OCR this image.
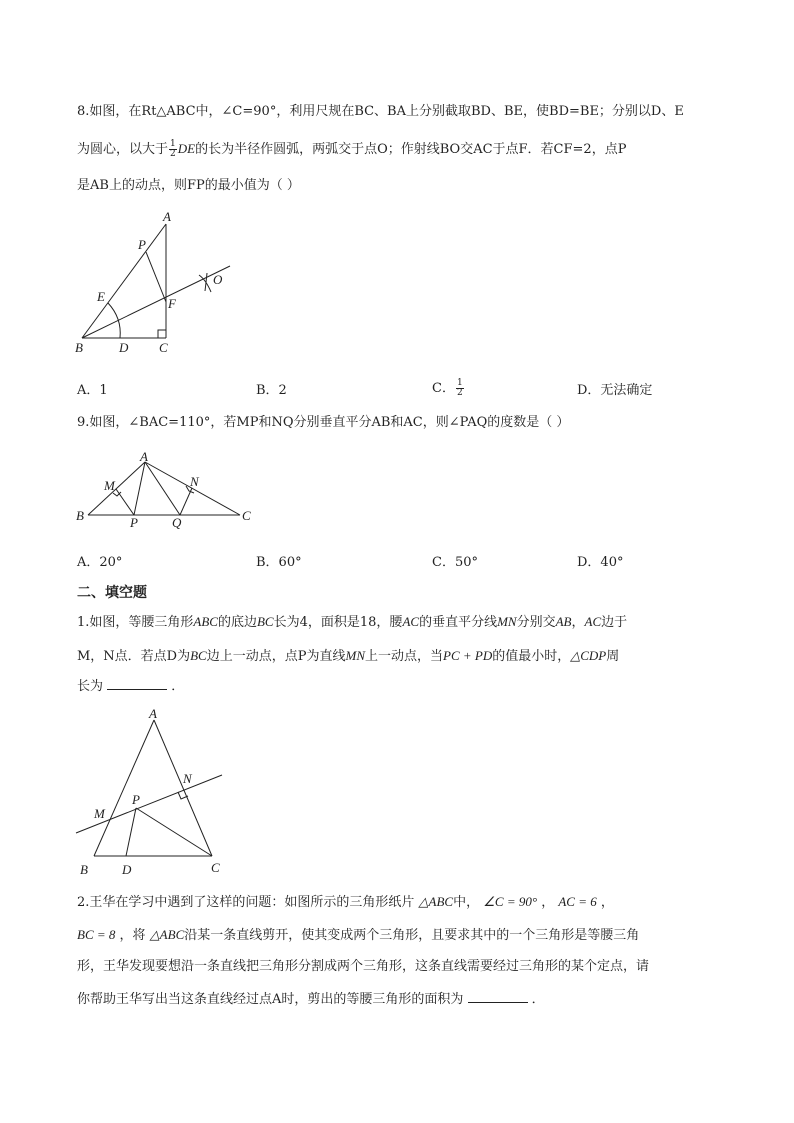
8.如图，在Rt△ABC中，∠C=90°，利用尺规在BC、BA上分别截取BD、BE，使BD=BE；分别以D、E
为圆心，以大于 $\frac{1}{2}$ DE的长为半径作圆弧，两弧交于点O；作射线BO交AC于点F．若CF=2，点P
是AB上的动点，则FP的最小值为（ ）
A
P
E	F
O
B	D C
A．1	B．2	C． $\frac{1}{2}$	D．无法确定
9.如图，∠BAC=110°，若MP和NQ分别垂直平分AB和AC，则∠PAQ的度数是（ ）
A
M	N
B	P	Q	C
A．20°	B．60°	C．50°	D．40°
二、填空题
1.如图，等腰三角形ABC的底边BC长为4，面积是18，腰AC的垂直平分线MN分别交AB，AC边于
M，N点．若点D为BC边上一动点，点P为直线MN上一动点，当PC + PD的值最小时，△CDP周
长为	．
A
N
M
P
B	D	C
2.王华在学习中遇到了这样的问题：如图所示的三角形纸片 △ABC中， ∠C = 90° ， AC = 6 ，
BC = 8 ，将 △ABC沿某一条直线剪开，使其变成两个三角形，且要求其中的一个三角形是等腰三角
形，王华发现要想沿一条直线把三角形分割成两个三角形，这条直线需要经过三角形的某个定点，请
你帮助王华写出当这条直线经过点A时，剪出的等腰三角形的面积为	．
